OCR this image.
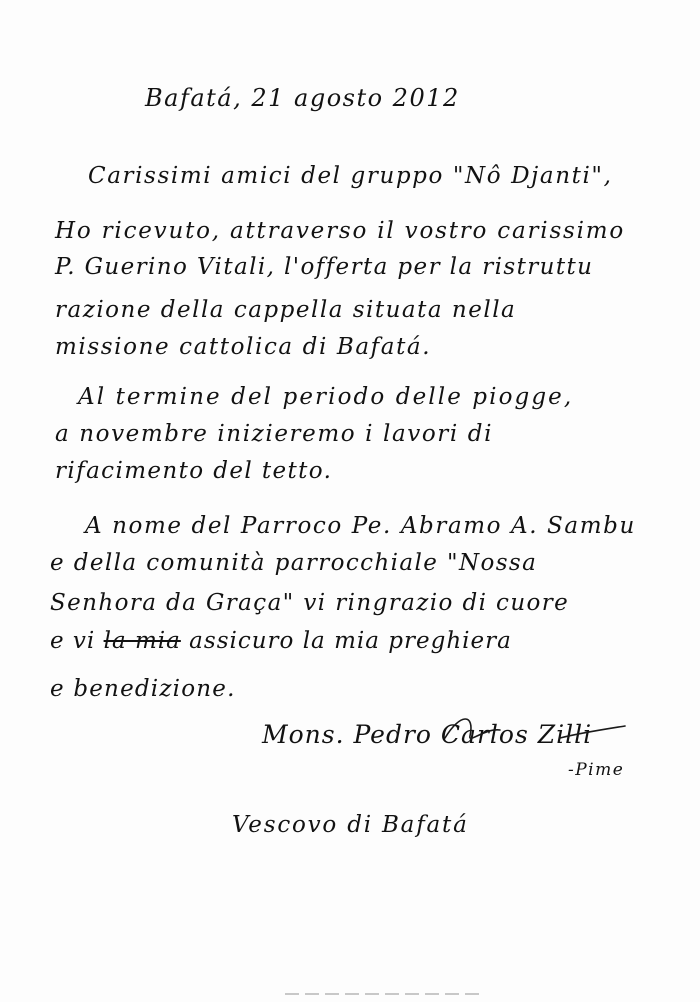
Bafatá, 21 agosto 2012
Carissimi amici del gruppo "Nô Djanti",
Ho ricevuto, attraverso il vostro carissimo
P. Guerino Vitali, l'offerta per la ristruttu
razione della cappella situata nella
missione cattolica di Bafatá.
Al termine del periodo delle piogge,
a novembre inizieremo i lavori di
rifacimento del tetto.
A nome del Parroco Pe. Abramo A. Sambu
e della comunità parrocchiale "Nossa
Senhora da Graça" vi ringrazio di cuore
e vi la mia assicuro la mia preghiera
e benedizione.
Mons. Pedro Carlos Zilli
-Pime
Vescovo di Bafatá
